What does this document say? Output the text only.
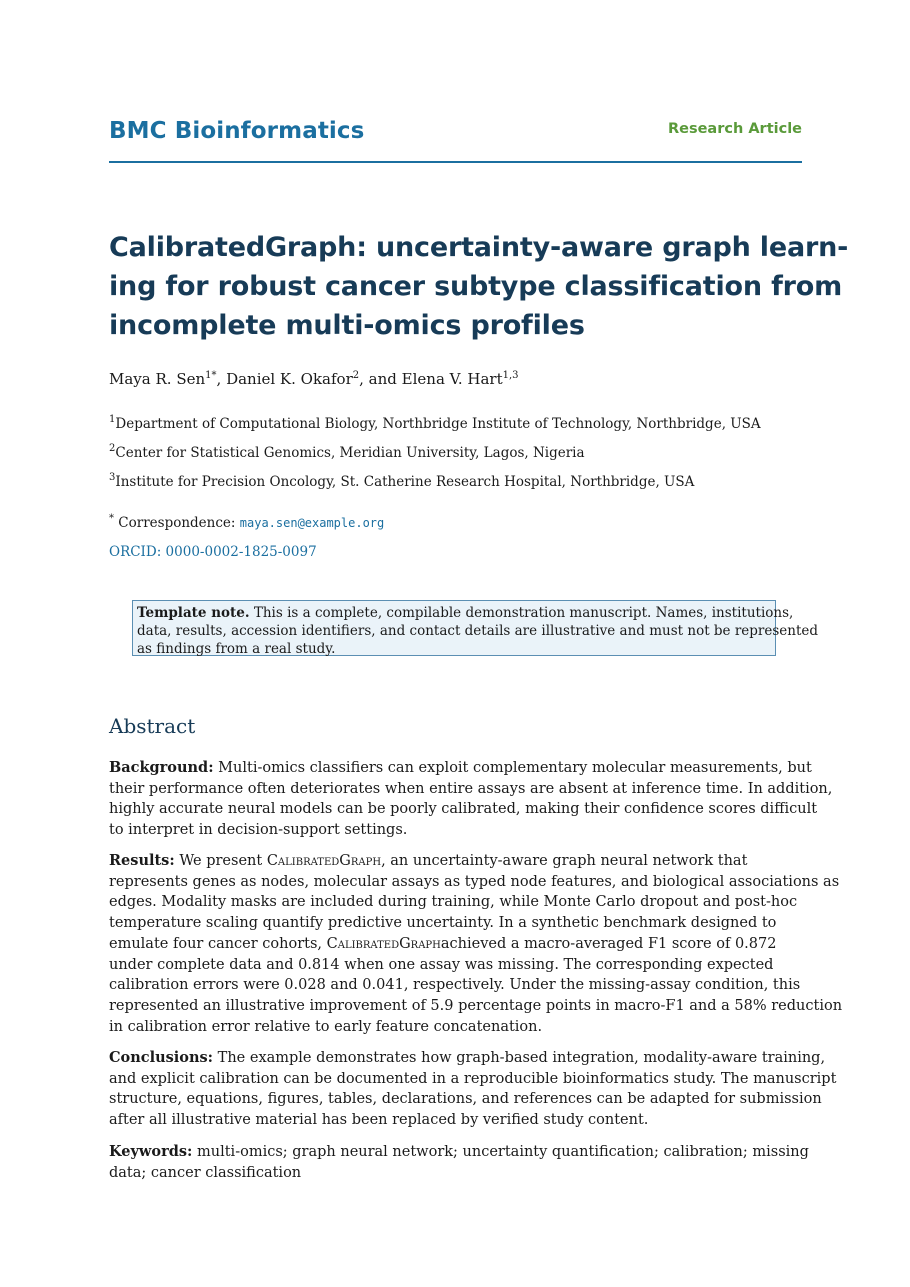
BMC Bioinformatics	Research Article
CalibratedGraph: uncertainty-aware graph learn-
ing for robust cancer subtype classification from
incomplete multi-omics profiles
Maya R. Sen$^{1*}$, Daniel K. Okafor$^2$, and Elena V. Hart$^{1,3}$
$^1$Department of Computational Biology, Northbridge Institute of Technology, Northbridge, USA
$^2$Center for Statistical Genomics, Meridian University, Lagos, Nigeria
$^3$Institute for Precision Oncology, St. Catherine Research Hospital, Northbridge, USA
* Correspondence: maya.sen@example.org
ORCID: 0000-0002-1825-0097
Template note. This is a complete, compilable demonstration manuscript. Names, institutions,
data, results, accession identifiers, and contact details are illustrative and must not be represented
as findings from a real study.
Abstract
Background: Multi-omics classifiers can exploit complementary molecular measurements, but
their performance often deteriorates when entire assays are absent at inference time. In addition,
highly accurate neural models can be poorly calibrated, making their confidence scores difficult
to interpret in decision-support settings.
Results: We present CalibratedGraph, an uncertainty-aware graph neural network that
represents genes as nodes, molecular assays as typed node features, and biological associations as
edges. Modality masks are included during training, while Monte Carlo dropout and post-hoc
temperature scaling quantify predictive uncertainty. In a synthetic benchmark designed to
emulate four cancer cohorts, CalibratedGraphachieved a macro-averaged F1 score of 0.872
under complete data and 0.814 when one assay was missing. The corresponding expected
calibration errors were 0.028 and 0.041, respectively. Under the missing-assay condition, this
represented an illustrative improvement of 5.9 percentage points in macro-F1 and a 58% reduction
in calibration error relative to early feature concatenation.
Conclusions: The example demonstrates how graph-based integration, modality-aware training,
and explicit calibration can be documented in a reproducible bioinformatics study. The manuscript
structure, equations, figures, tables, declarations, and references can be adapted for submission
after all illustrative material has been replaced by verified study content.
Keywords: multi-omics; graph neural network; uncertainty quantification; calibration; missing
data; cancer classification
